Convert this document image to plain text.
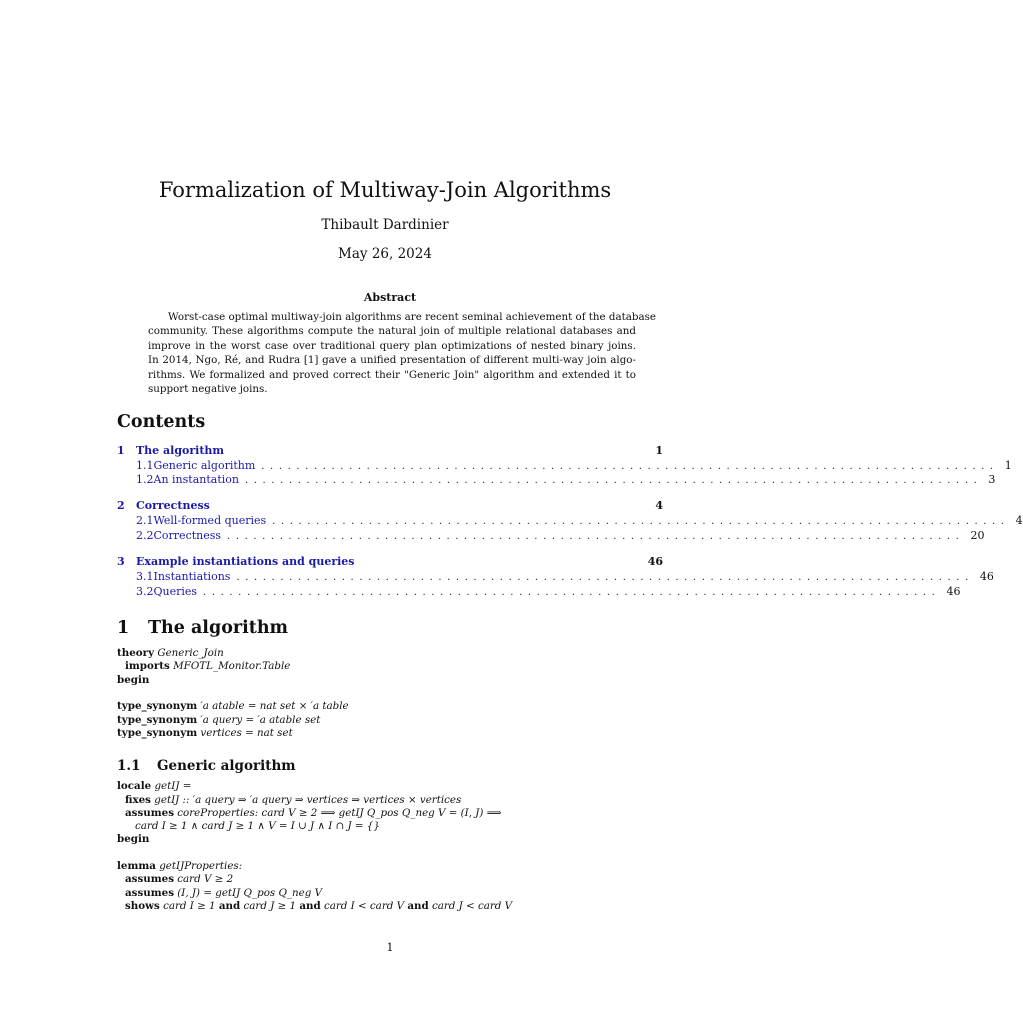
Formalization of Multiway-Join Algorithms
Thibault Dardinier
May 26, 2024
Abstract
Worst-case optimal multiway-join algorithms are recent seminal achievement of the database
community. These algorithms compute the natural join of multiple relational databases and
improve in the worst case over traditional query plan optimizations of nested binary joins.
In 2014, Ngo, Ré, and Rudra [1] gave a unified presentation of different multi-way join algo-
rithms. We formalized and proved correct their "Generic Join" algorithm and extended it to
support negative joins.
Contents
1	The algorithm	1
1.1 Generic algorithm .................................................................................... 1
1.2 An instantation .................................................................................... 3
2	Correctness	4
2.1 Well-formed queries .................................................................................... 4
2.2 Correctness .................................................................................... 20
3	Example instantiations and queries	46
3.1 Instantiations .................................................................................... 46
3.2 Queries .................................................................................... 46
1 The algorithm
theory Generic_Join
imports MFOTL_Monitor.Table
begin
type_synonym ′a atable = nat set × ′a table
type_synonym ′a query = ′a atable set
type_synonym vertices = nat set
1.1 Generic algorithm
locale getIJ =
fixes getIJ :: ′a query ⇒ ′a query ⇒ vertices ⇒ vertices × vertices
assumes coreProperties: card V ≥ 2 ⟹ getIJ Q_pos Q_neg V = (I, J) ⟹
card I ≥ 1 ∧ card J ≥ 1 ∧ V = I ∪ J ∧ I ∩ J = {}
begin
lemma getIJProperties:
assumes card V ≥ 2
assumes (I, J) = getIJ Q_pos Q_neg V
shows card I ≥ 1 and card J ≥ 1 and card I < card V and card J < card V
1
